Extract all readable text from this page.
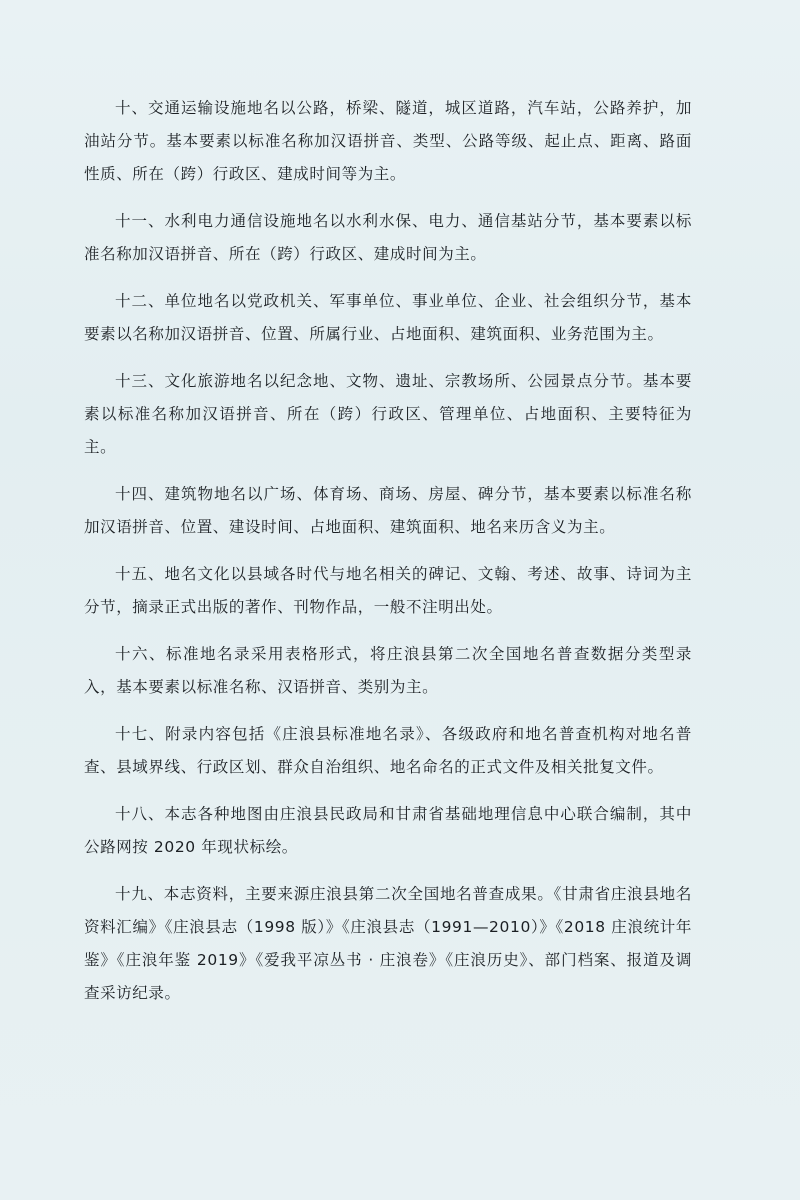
十、交通运输设施地名以公路，桥梁、隧道，城区道路，汽车站，公路养护，加油站分节。基本要素以标准名称加汉语拼音、类型、公路等级、起止点、距离、路面性质、所在（跨）行政区、建成时间等为主。

十一、水利电力通信设施地名以水利水保、电力、通信基站分节，基本要素以标准名称加汉语拼音、所在（跨）行政区、建成时间为主。

十二、单位地名以党政机关、军事单位、事业单位、企业、社会组织分节，基本要素以名称加汉语拼音、位置、所属行业、占地面积、建筑面积、业务范围为主。

十三、文化旅游地名以纪念地、文物、遗址、宗教场所、公园景点分节。基本要素以标准名称加汉语拼音、所在（跨）行政区、管理单位、占地面积、主要特征为主。

十四、建筑物地名以广场、体育场、商场、房屋、碑分节，基本要素以标准名称加汉语拼音、位置、建设时间、占地面积、建筑面积、地名来历含义为主。

十五、地名文化以县域各时代与地名相关的碑记、文翰、考述、故事、诗词为主分节，摘录正式出版的著作、刊物作品，一般不注明出处。

十六、标准地名录采用表格形式，将庄浪县第二次全国地名普查数据分类型录入，基本要素以标准名称、汉语拼音、类别为主。

十七、附录内容包括《庄浪县标准地名录》、各级政府和地名普查机构对地名普查、县域界线、行政区划、群众自治组织、地名命名的正式文件及相关批复文件。

十八、本志各种地图由庄浪县民政局和甘肃省基础地理信息中心联合编制，其中公路网按 2020 年现状标绘。

十九、本志资料，主要来源庄浪县第二次全国地名普查成果。《甘肃省庄浪县地名资料汇编》《庄浪县志（1998 版）》《庄浪县志（1991—2010）》《2018 庄浪统计年鉴》《庄浪年鉴 2019》《爱我平凉丛书 · 庄浪卷》《庄浪历史》、部门档案、报道及调查采访纪录。
